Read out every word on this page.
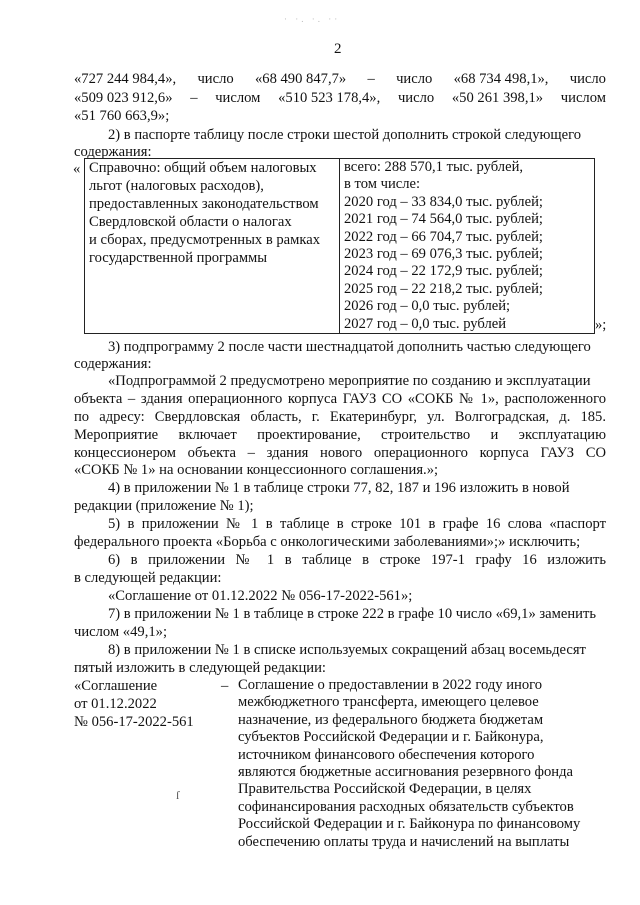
· ·. ·. ··
2
«727 244 984,4», число «68 490 847,7» – число «68 734 498,1», число
«509 023 912,6» – числом «510 523 178,4», число «50 261 398,1» числом
«51 760 663,9»;
2) в паспорте таблицу после строки шестой дополнить строкой следующего
содержания:
« Справочно: общий объем налоговых
льгот (налоговых расходов),
предоставленных законодательством
Свердловской области о налогах
и сборах, предусмотренных в рамках
государственной программы

всего: 288 570,1 тыс. рублей,
в том числе:
2020 год – 33 834,0 тыс. рублей;
2021 год – 74 564,0 тыс. рублей;
2022 год – 66 704,7 тыс. рублей;
2023 год – 69 076,3 тыс. рублей;
2024 год – 22 172,9 тыс. рублей;
2025 год – 22 218,2 тыс. рублей;
2026 год – 0,0 тыс. рублей;
2027 год – 0,0 тыс. рублей	»;
3) подпрограмму 2 после части шестнадцатой дополнить частью следующего
содержания:
«Подпрограммой 2 предусмотрено мероприятие по созданию и эксплуатации
объекта – здания операционного корпуса ГАУЗ СО «СОКБ № 1», расположенного
по адресу: Свердловская область, г. Екатеринбург, ул. Волгоградская, д. 185.
Мероприятие включает проектирование, строительство и эксплуатацию
концессионером объекта – здания нового операционного корпуса ГАУЗ СО
«СОКБ № 1» на основании концессионного соглашения.»;
4) в приложении № 1 в таблице строки 77, 82, 187 и 196 изложить в новой
редакции (приложение № 1);
5) в приложении № 1 в таблице в строке 101 в графе 16 слова «паспорт
федерального проекта «Борьба с онкологическими заболеваниями»;» исключить;
6) в приложении № 1 в таблице в строке 197-1 графу 16 изложить
в следующей редакции:
«Соглашение от 01.12.2022 № 056-17-2022-561»;
7) в приложении № 1 в таблице в строке 222 в графе 10 число «69,1» заменить
числом «49,1»;
8) в приложении № 1 в списке используемых сокращений абзац восемьдесят
пятый изложить в следующей редакции:
«Соглашение
от 01.12.2022
№ 056-17-2022-561
– Соглашение о предоставлении в 2022 году иного
межбюджетного трансферта, имеющего целевое
назначение, из федерального бюджета бюджетам
субъектов Российской Федерации и г. Байконура,
источником финансового обеспечения которого
являются бюджетные ассигнования резервного фонда
Правительства Российской Федерации, в целях
софинансирования расходных обязательств субъектов
Российской Федерации и г. Байконура по финансовому
обеспечению оплаты труда и начислений на выплаты
ſ
